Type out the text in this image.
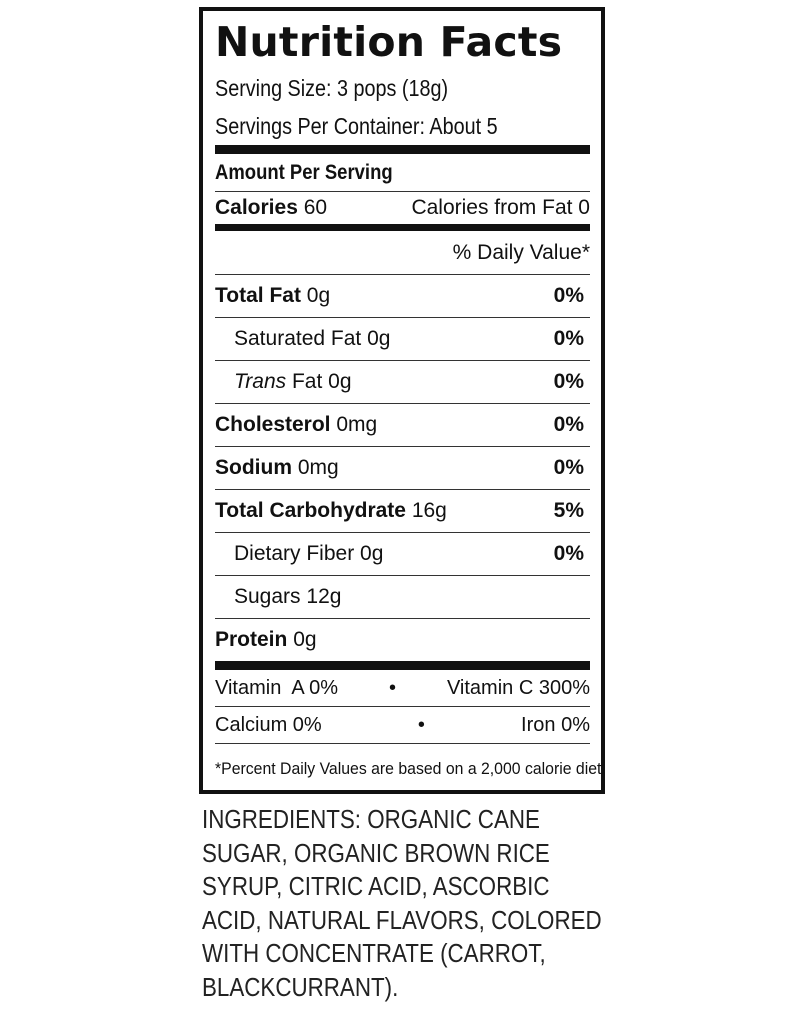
Nutrition Facts
Serving Size: 3 pops (18g)
Servings Per Container: About 5
Amount Per Serving
Calories 60	Calories from Fat 0
% Daily Value*
Total Fat 0g	0%
Saturated Fat 0g	0%
Trans Fat 0g	0%
Cholesterol 0mg	0%
Sodium 0mg	0%
Total Carbohydrate 16g	5%
Dietary Fiber 0g	0%
Sugars 12g
Protein 0g
Vitamin  A 0%	•	Vitamin C 300%
Calcium 0%	•	Iron 0%
*Percent Daily Values are based on a 2,000 calorie diet.
INGREDIENTS: ORGANIC CANE
SUGAR, ORGANIC BROWN RICE
SYRUP, CITRIC ACID, ASCORBIC
ACID, NATURAL FLAVORS, COLORED
WITH CONCENTRATE (CARROT,
BLACKCURRANT).
